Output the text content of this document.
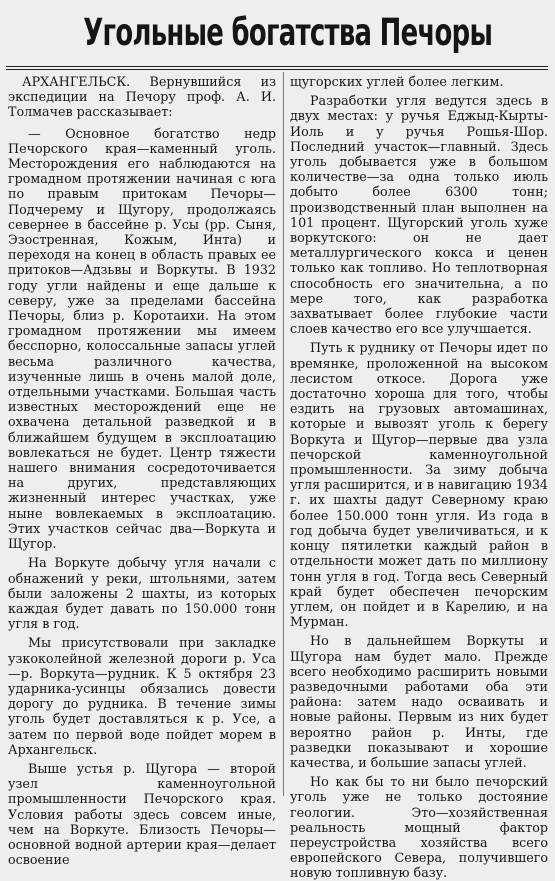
Угольные богатства Печоры

АРХАНГЕЛЬСК. Вернувшийся из экспедиции на Печору проф. А. И. Толмачев рассказывает:

— Основное богатство недр Печорского края—каменный уголь. Месторождения его наблюдаются на громадном протяжении начиная с юга по правым притокам Печоры—Подчерему и Щугору, продолжаясь севернее в бассейне р. Усы (рр. Сыня, Эзостренная, Кожым, Инта) и переходя на конец в область правых ее притоков—Адзьвы и Воркуты. В 1932 году угли найдены и еще дальше к северу, уже за пределами бассейна Печоры, близ р. Коротаихи. На этом громадном протяжении мы имеем бесспорно, колоссальные запасы углей весьма различного качества, изученные лишь в очень малой доле, отдельными участками. Большая часть известных месторождений еще не охвачена детальной разведкой и в ближайшем будущем в эксплоатацию вовлекаться не будет. Центр тяжести нашего внимания сосредоточивается на других, представляющих жизненный интерес участках, уже ныне вовлекаемых в эксплоатацию. Этих участков сейчас два—Воркута и Щугор.

На Воркуте добычу угля начали с обнажений у реки, штольнями, затем были заложены 2 шахты, из которых каждая будет давать по 150.000 тонн угля в год.

Мы присутствовали при закладке узкоколейной железной дороги р. Уса—р. Воркута—рудник. К 5 октября 23 ударника-усинцы обязались довести дорогу до рудника. В течение зимы уголь будет доставляться к р. Усе, а затем по первой воде пойдет морем в Архангельск.

Выше устья р. Щугора — второй узел каменноугольной промышленности Печорского края. Условия работы здесь совсем иные, чем на Воркуте. Близость Печоры—основной водной артерии края—делает освоение

щугорских углей более легким.

Разработки угля ведутся здесь в двух местах: у ручья Еджыд-Кырты-Иоль и у ручья Рошья-Шор. Последний участок—главный. Здесь уголь добывается уже в большом количестве—за одна только июль добыто более 6300 тонн; производственный план выполнен на 101 процент. Щугорский уголь хуже воркутского: он не дает металлургического кокса и ценен только как топливо. Но теплотворная способность его значительна, а по мере того, как разработка захватывает более глубокие части слоев качество его все улучшается.

Путь к руднику от Печоры идет по времянке, проложенной на высоком лесистом откосе. Дорога уже достаточно хороша для того, чтобы ездить на грузовых автомашинах, которые и вывозят уголь к берегу Воркута и Щугор—первые два узла печорской каменноугольной промышленности. За зиму добыча угля расширится, и в навигацию 1934 г. их шахты дадут Северному краю более 150.000 тонн угля. Из года в год добыча будет увеличиваться, и к концу пятилетки каждый район в отдельности может дать по миллиону тонн угля в год. Тогда весь Северный край будет обеспечен печорским углем, он пойдет и в Карелию, и на Мурман.

Но в дальнейшем Воркуты и Щугора нам будет мало. Прежде всего необходимо расширить новыми разведочными работами оба эти района: затем надо осваивать и новые районы. Первым из них будет вероятно район р. Инты, где разведки показывают и хорошие качества, и большие запасы углей.

Но как бы то ни было печорский уголь уже не только достояние геологии. Это—хозяйственная реальность мощный фактор переустройства хозяйства всего европейского Севера, получившего новую топливную базу.
